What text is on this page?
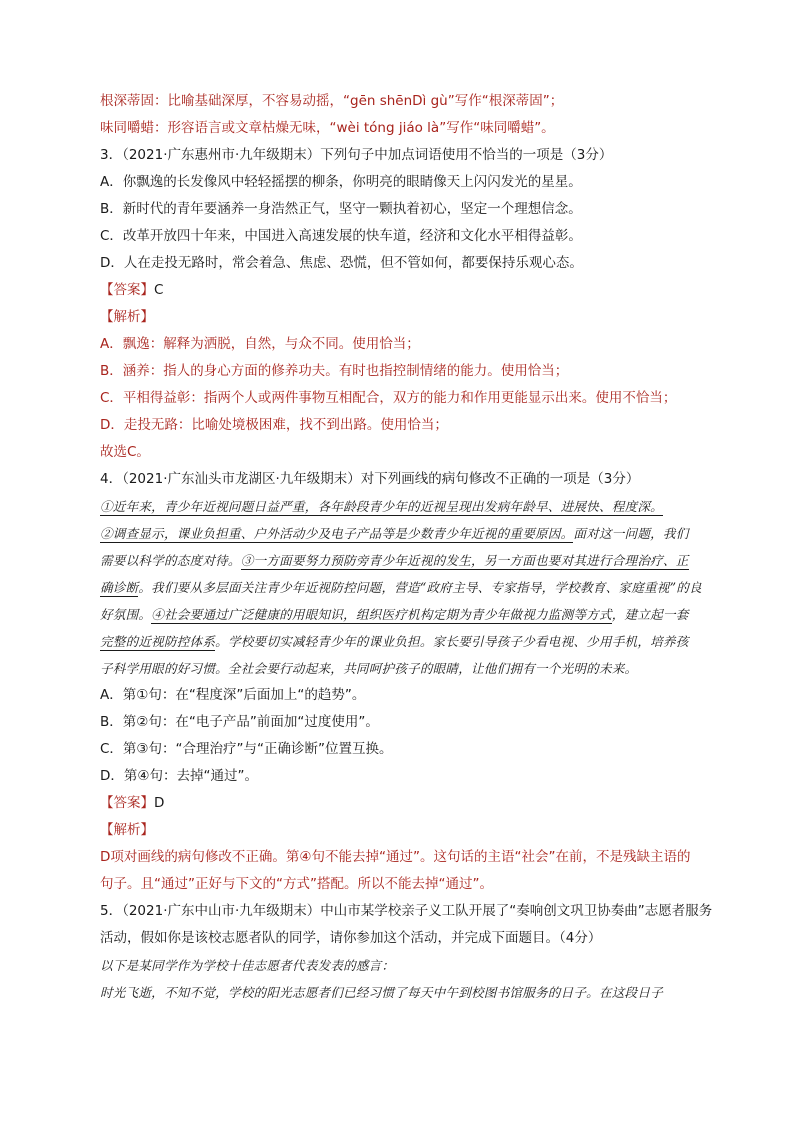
根深蒂固：比喻基础深厚，不容易动摇，“gēn shēnDì gù”写作“根深蒂固”；
味同嚼蜡：形容语言或文章枯燥无味，“wèi tóng jiáo là”写作“味同嚼蜡”。
3．（2021·广东惠州市·九年级期末）下列句子中加点词语使用不恰当的一项是（3分）
A．你飘逸的长发像风中轻轻摇摆的柳条，你明亮的眼睛像天上闪闪发光的星星。
B．新时代的青年要涵养一身浩然正气，坚守一颗执着初心，坚定一个理想信念。
C．改革开放四十年来，中国进入高速发展的快车道，经济和文化水平相得益彰。
D．人在走投无路时，常会着急、焦虑、恐慌，但不管如何，都要保持乐观心态。
【答案】C
【解析】
A．飘逸：解释为洒脱，自然，与众不同。使用恰当；
B．涵养：指人的身心方面的修养功夫。有时也指控制情绪的能力。使用恰当；
C．平相得益彰：指两个人或两件事物互相配合，双方的能力和作用更能显示出来。使用不恰当；
D．走投无路：比喻处境极困难，找不到出路。使用恰当；
故选C。
4．（2021·广东汕头市龙湖区·九年级期末）对下列画线的病句修改不正确的一项是（3分）
①近年来，青少年近视问题日益严重，各年龄段青少年的近视呈现出发病年龄早、进展快、程度深。
②调查显示，课业负担重、户外活动少及电子产品等是少数青少年近视的重要原因。面对这一问题，我们
需要以科学的态度对待。③一方面要努力预防旁青少年近视的发生，另一方面也要对其进行合理治疗、正
确诊断。我们要从多层面关注青少年近视防控问题，营造“政府主导、专家指导，学校教育、家庭重视”的良
好氛围。④社会要通过广泛健康的用眼知识，组织医疗机构定期为青少年做视力监测等方式，建立起一套
完整的近视防控体系。学校要切实减轻青少年的课业负担。家长要引导孩子少看电视、少用手机，培养孩
子科学用眼的好习惯。全社会要行动起来，共同呵护孩子的眼睛，让他们拥有一个光明的未来。
A．第①句：在“程度深”后面加上“的趋势”。
B．第②句：在“电子产品”前面加“过度使用”。
C．第③句：“合理治疗”与“正确诊断”位置互换。
D．第④句：去掉“通过”。
【答案】D
【解析】
D项对画线的病句修改不正确。第④句不能去掉“通过”。这句话的主语“社会”在前，不是残缺主语的
句子。且“通过”正好与下文的“方式”搭配。所以不能去掉“通过”。
5．（2021·广东中山市·九年级期末）中山市某学校亲子义工队开展了“奏响创文巩卫协奏曲”志愿者服务
活动，假如你是该校志愿者队的同学，请你参加这个活动，并完成下面题目。（4分）
以下是某同学作为学校十佳志愿者代表发表的感言：
时光飞逝，不知不觉，学校的阳光志愿者们已经习惯了每天中午到校图书馆服务的日子。在这段日子
